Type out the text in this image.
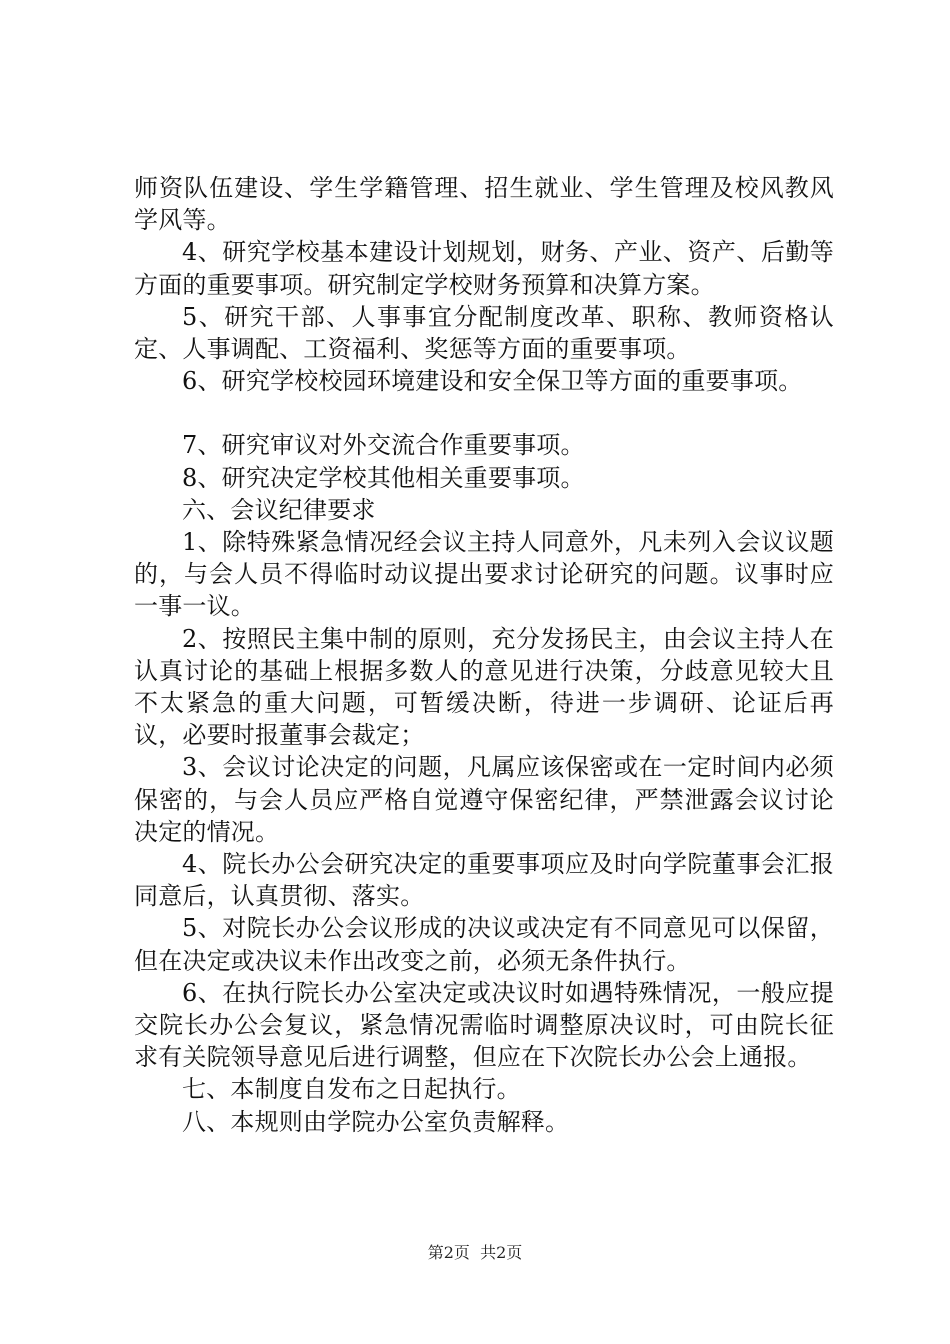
师资队伍建设、学生学籍管理、招生就业、学生管理及校风教风学风等。

4、研究学校基本建设计划规划，财务、产业、资产、后勤等方面的重要事项。研究制定学校财务预算和决算方案。

5、研究干部、人事事宜分配制度改革、职称、教师资格认定、人事调配、工资福利、奖惩等方面的重要事项。

6、研究学校校园环境建设和安全保卫等方面的重要事项。

7、研究审议对外交流合作重要事项。

8、研究决定学校其他相关重要事项。

六、会议纪律要求

1、除特殊紧急情况经会议主持人同意外，凡未列入会议议题的，与会人员不得临时动议提出要求讨论研究的问题。议事时应一事一议。

2、按照民主集中制的原则，充分发扬民主，由会议主持人在认真讨论的基础上根据多数人的意见进行决策，分歧意见较大且不太紧急的重大问题，可暂缓决断，待进一步调研、论证后再议，必要时报董事会裁定；

3、会议讨论决定的问题，凡属应该保密或在一定时间内必须保密的，与会人员应严格自觉遵守保密纪律，严禁泄露会议讨论决定的情况。

4、院长办公会研究决定的重要事项应及时向学院董事会汇报同意后，认真贯彻、落实。

5、对院长办公会议形成的决议或决定有不同意见可以保留，但在决定或决议未作出改变之前，必须无条件执行。

6、在执行院长办公室决定或决议时如遇特殊情况，一般应提交院长办公会复议，紧急情况需临时调整原决议时，可由院长征求有关院领导意见后进行调整，但应在下次院长办公会上通报。

七、本制度自发布之日起执行。

八、本规则由学院办公室负责解释。

第2页  共2页
